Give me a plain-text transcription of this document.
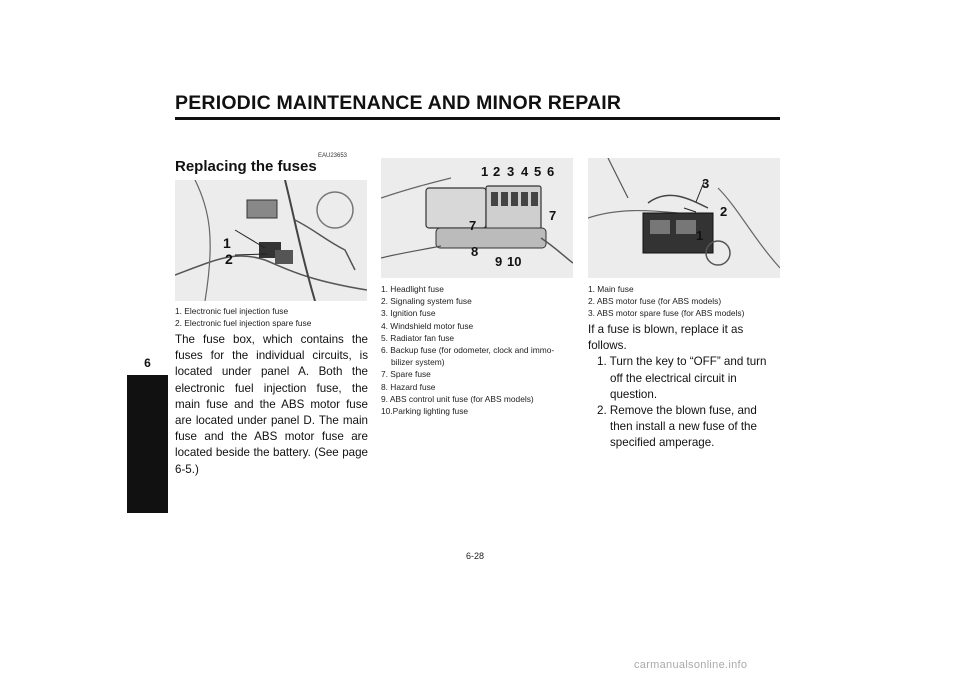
PERIODIC MAINTENANCE AND MINOR REPAIR
6
EAU23653
Replacing the fuses
1
2
1. Electronic fuel injection fuse
2. Electronic fuel injection spare fuse
The fuse box, which contains the fuses for the individual circuits, is located under panel A. Both the electronic fuel injection fuse, the main fuse and the ABS motor fuse are located under panel D. The main fuse and the ABS motor fuse are located beside the battery. (See page 6-5.)
1 2 3 4 5 6
7
7
8
9 10
1. Headlight fuse
2. Signaling system fuse
3. Ignition fuse
4. Windshield motor fuse
5. Radiator fan fuse
6. Backup fuse (for odometer, clock and immo-
bilizer system)
7. Spare fuse
8. Hazard fuse
9. ABS control unit fuse (for ABS models)
10.Parking lighting fuse
3
2
1
1. Main fuse
2. ABS motor fuse (for ABS models)
3. ABS motor spare fuse (for ABS models)
If a fuse is blown, replace it as follows.
1. Turn the key to “OFF” and turn off the electrical circuit in question.
2. Remove the blown fuse, and then install a new fuse of the specified amperage.
6-28
carmanualsonline.info
